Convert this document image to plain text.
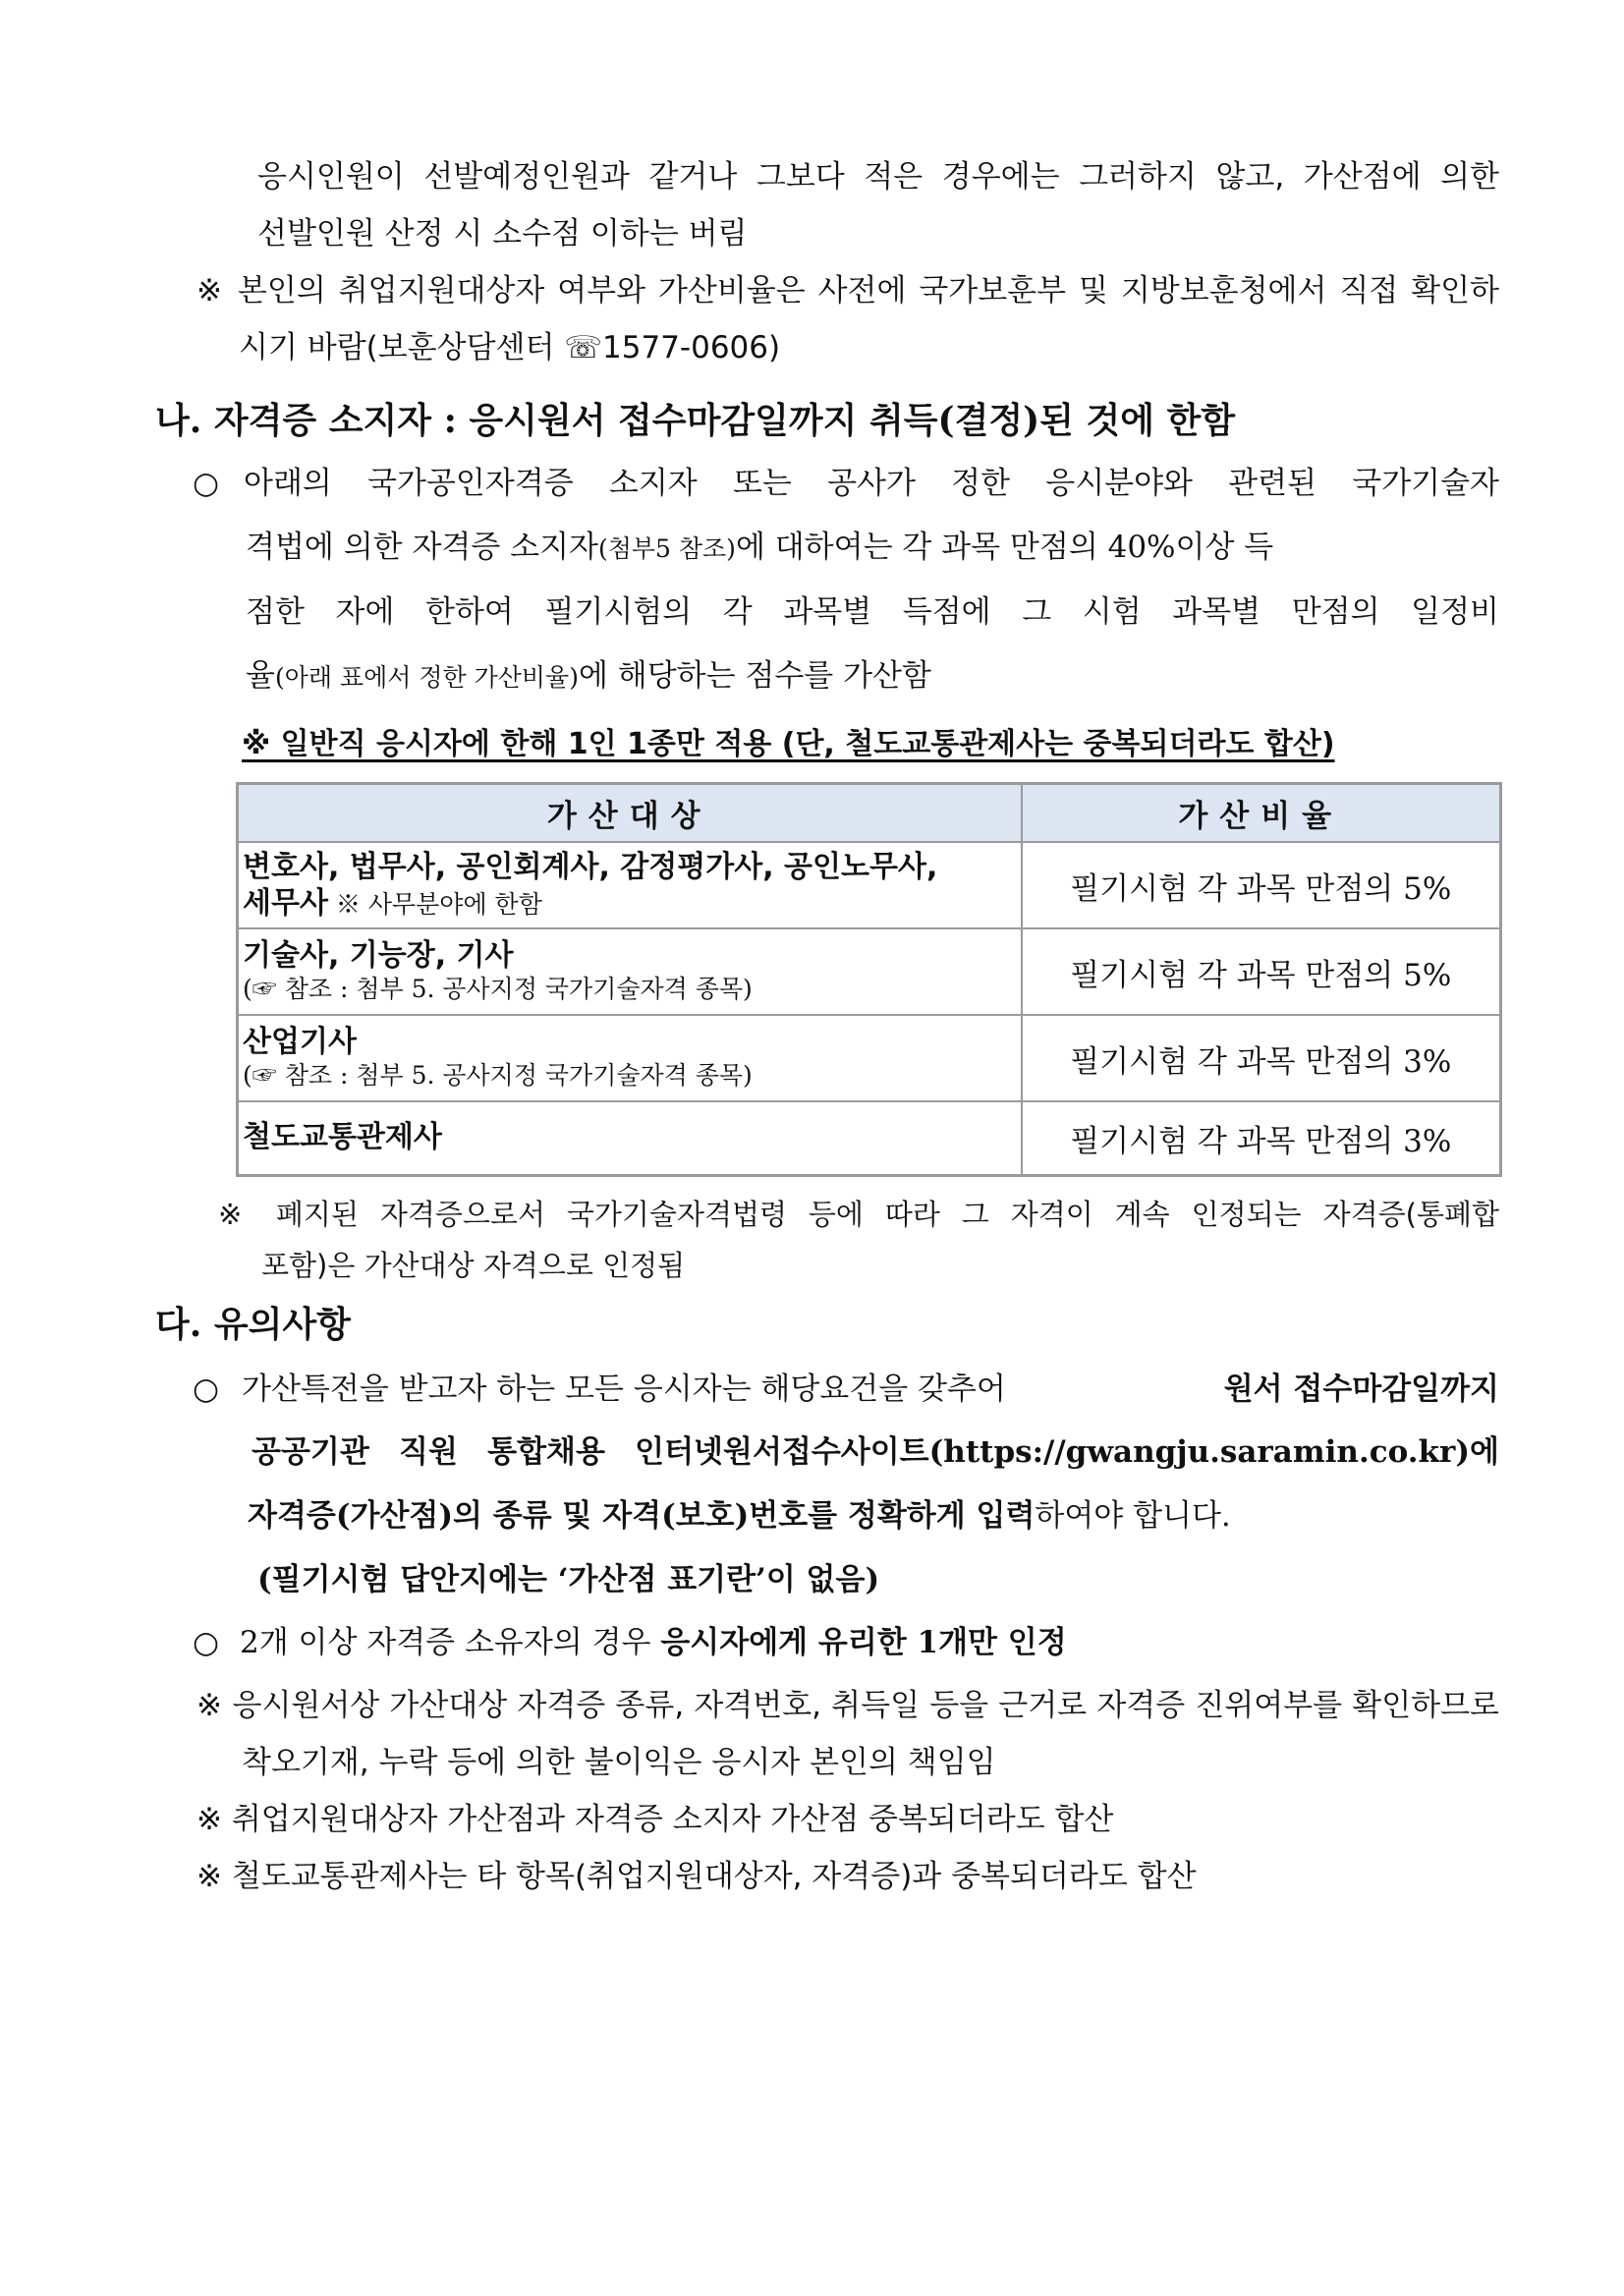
응시인원이 선발예정인원과 같거나 그보다 적은 경우에는 그러하지 않고, 가산점에 의한
선발인원 산정 시 소수점 이하는 버림
※ 본인의 취업지원대상자 여부와 가산비율은 사전에 국가보훈부 및 지방보훈청에서 직접 확인하
시기 바람(보훈상담센터 ☏1577-0606)
나. 자격증 소지자 : 응시원서 접수마감일까지 취득(결정)된 것에 한함
○ 아래의 국가공인자격증 소지자 또는 공사가 정한 응시분야와 관련된 국가기술자
격법에 의한 자격증 소지자(첨부5 참조)에 대하여는 각 과목 만점의 40%이상 득
점한 자에 한하여 필기시험의 각 과목별 득점에 그 시험 과목별 만점의 일정비
율(아래 표에서 정한 가산비율)에 해당하는 점수를 가산함
※ 일반직 응시자에 한해 1인 1종만 적용 (단, 철도교통관제사는 중복되더라도 합산)
가산대상	가산비율

변호사, 법무사, 공인회계사, 감정평가사, 공인노무사,
세무사 ※ 사무분야에 한함	필기시험 각 과목 만점의 5%

기술사, 기능장, 기사
(☞ 참조 : 첨부 5. 공사지정 국가기술자격 종목)	필기시험 각 과목 만점의 5%

산업기사
(☞ 참조 : 첨부 5. 공사지정 국가기술자격 종목)	필기시험 각 과목 만점의 3%

철도교통관제사	필기시험 각 과목 만점의 3%
※ 폐지된 자격증으로서 국가기술자격법령 등에 따라 그 자격이 계속 인정되는 자격증(통폐합
포함)은 가산대상 자격으로 인정됨
다. 유의사항
○ 가산특전을 받고자 하는 모든 응시자는 해당요건을 갖추어	원서 접수마감일까지
공공기관 직원 통합채용 인터넷원서접수사이트(https://gwangju.saramin.co.kr)에
자격증(가산점)의 종류 및 자격(보호)번호를 정확하게 입력하여야 합니다.
(필기시험 답안지에는 ‘가산점 표기란’이 없음)
○ 2개 이상 자격증 소유자의 경우 응시자에게 유리한 1개만 인정
※ 응시원서상 가산대상 자격증 종류, 자격번호, 취득일 등을 근거로 자격증 진위여부를 확인하므로
착오기재, 누락 등에 의한 불이익은 응시자 본인의 책임임
※ 취업지원대상자 가산점과 자격증 소지자 가산점 중복되더라도 합산
※ 철도교통관제사는 타 항목(취업지원대상자, 자격증)과 중복되더라도 합산
